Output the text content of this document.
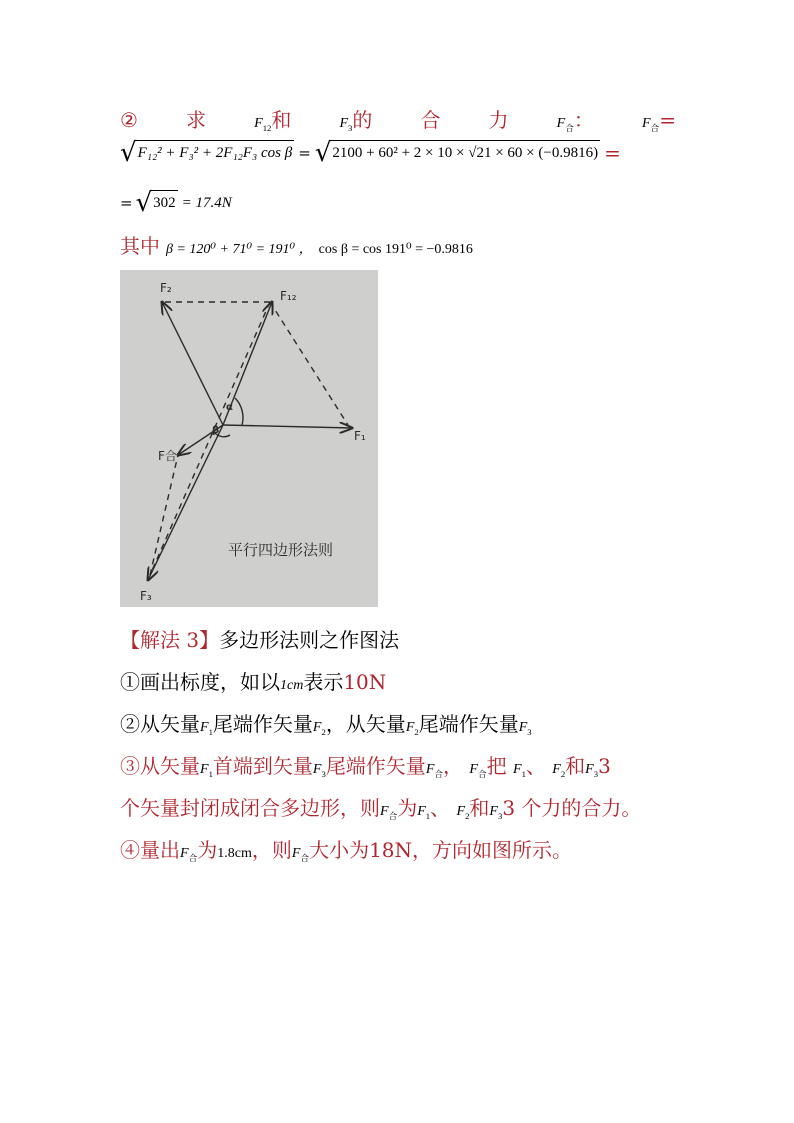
② 求	$F_{12}$和	$F_3$的 合 力	$F_合$：	$F_合=$
√ F₁₂² + F₃² + 2F₁₂F₃ cos β = √ 2100 + 60² + 2 × 10 × √21 × 60 × (−0.9816) =
= √ 302 = 17.4N
其中 β = 120⁰ + 71⁰ = 191⁰ ， cos β = cos 191⁰ = −0.9816
F₂
F₁₂
F₁
F合
F₃
α
β
平行四边形法则
【解法 3】多边形法则之作图法
①画出标度，如以1cm表示10N
②从矢量$F_1$尾端作矢量$F_2$，从矢量$F_2$尾端作矢量$F_3$
③从矢量$F_1$首端到矢量$F_3$尾端作矢量$F_合$， $F_合$把 $F_1$、 $F_2$和$F_33$
个矢量封闭成闭合多边形，则$F_合$为$F_1$、 $F_2$和$F_33$ 个力的合力。
④量出$F_合$为1.8cm，则$F_合$大小为18N，方向如图所示。
